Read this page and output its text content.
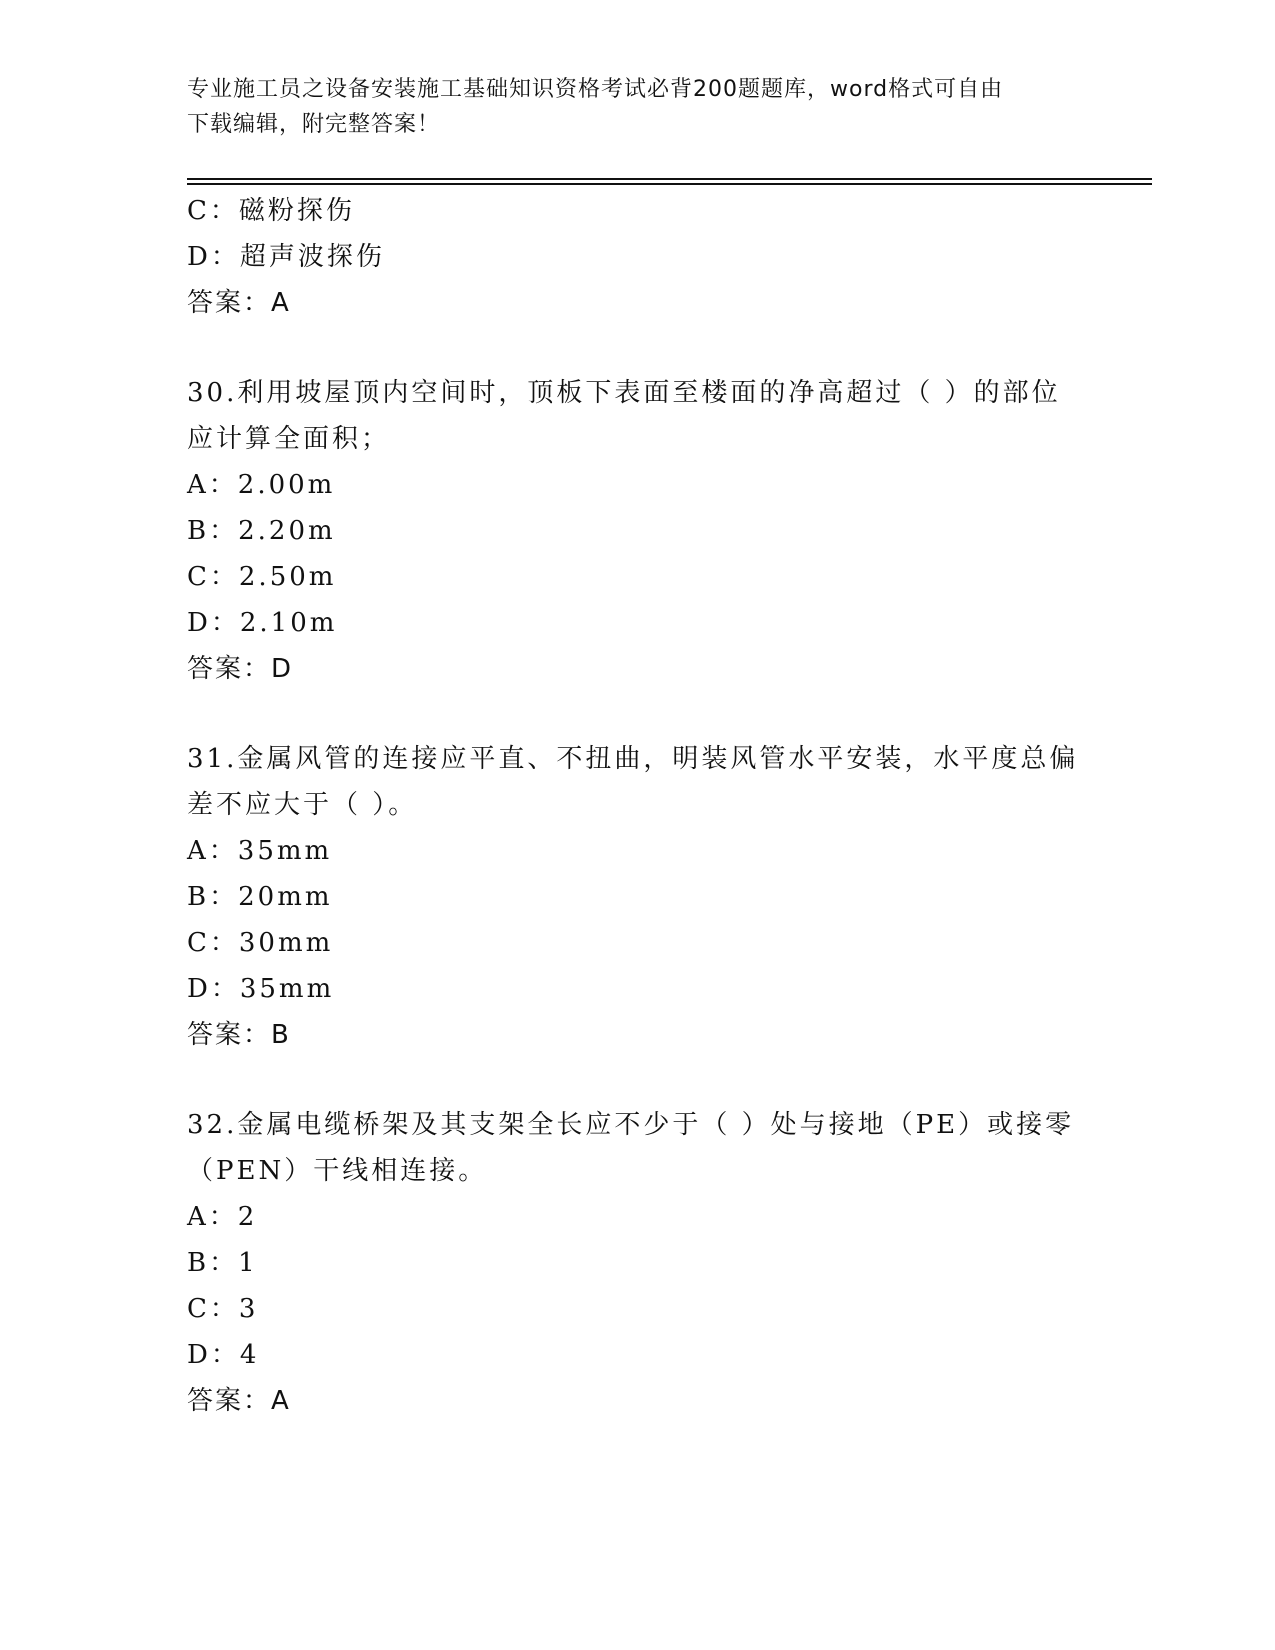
专业施工员之设备安装施工基础知识资格考试必背200题题库，word格式可自由
下载编辑，附完整答案！
C：磁粉探伤
D：超声波探伤
答案：A
30.利用坡屋顶内空间时，顶板下表面至楼面的净高超过（ ）的部位
应计算全面积；
A：2.00m
B：2.20m
C：2.50m
D：2.10m
答案：D
31.金属风管的连接应平直、不扭曲，明装风管水平安装，水平度总偏
差不应大于（ ）。
A：35mm
B：20mm
C：30mm
D：35mm
答案：B
32.金属电缆桥架及其支架全长应不少于（ ）处与接地（PE）或接零
（PEN）干线相连接。
A：2
B：1
C：3
D：4
答案：A
